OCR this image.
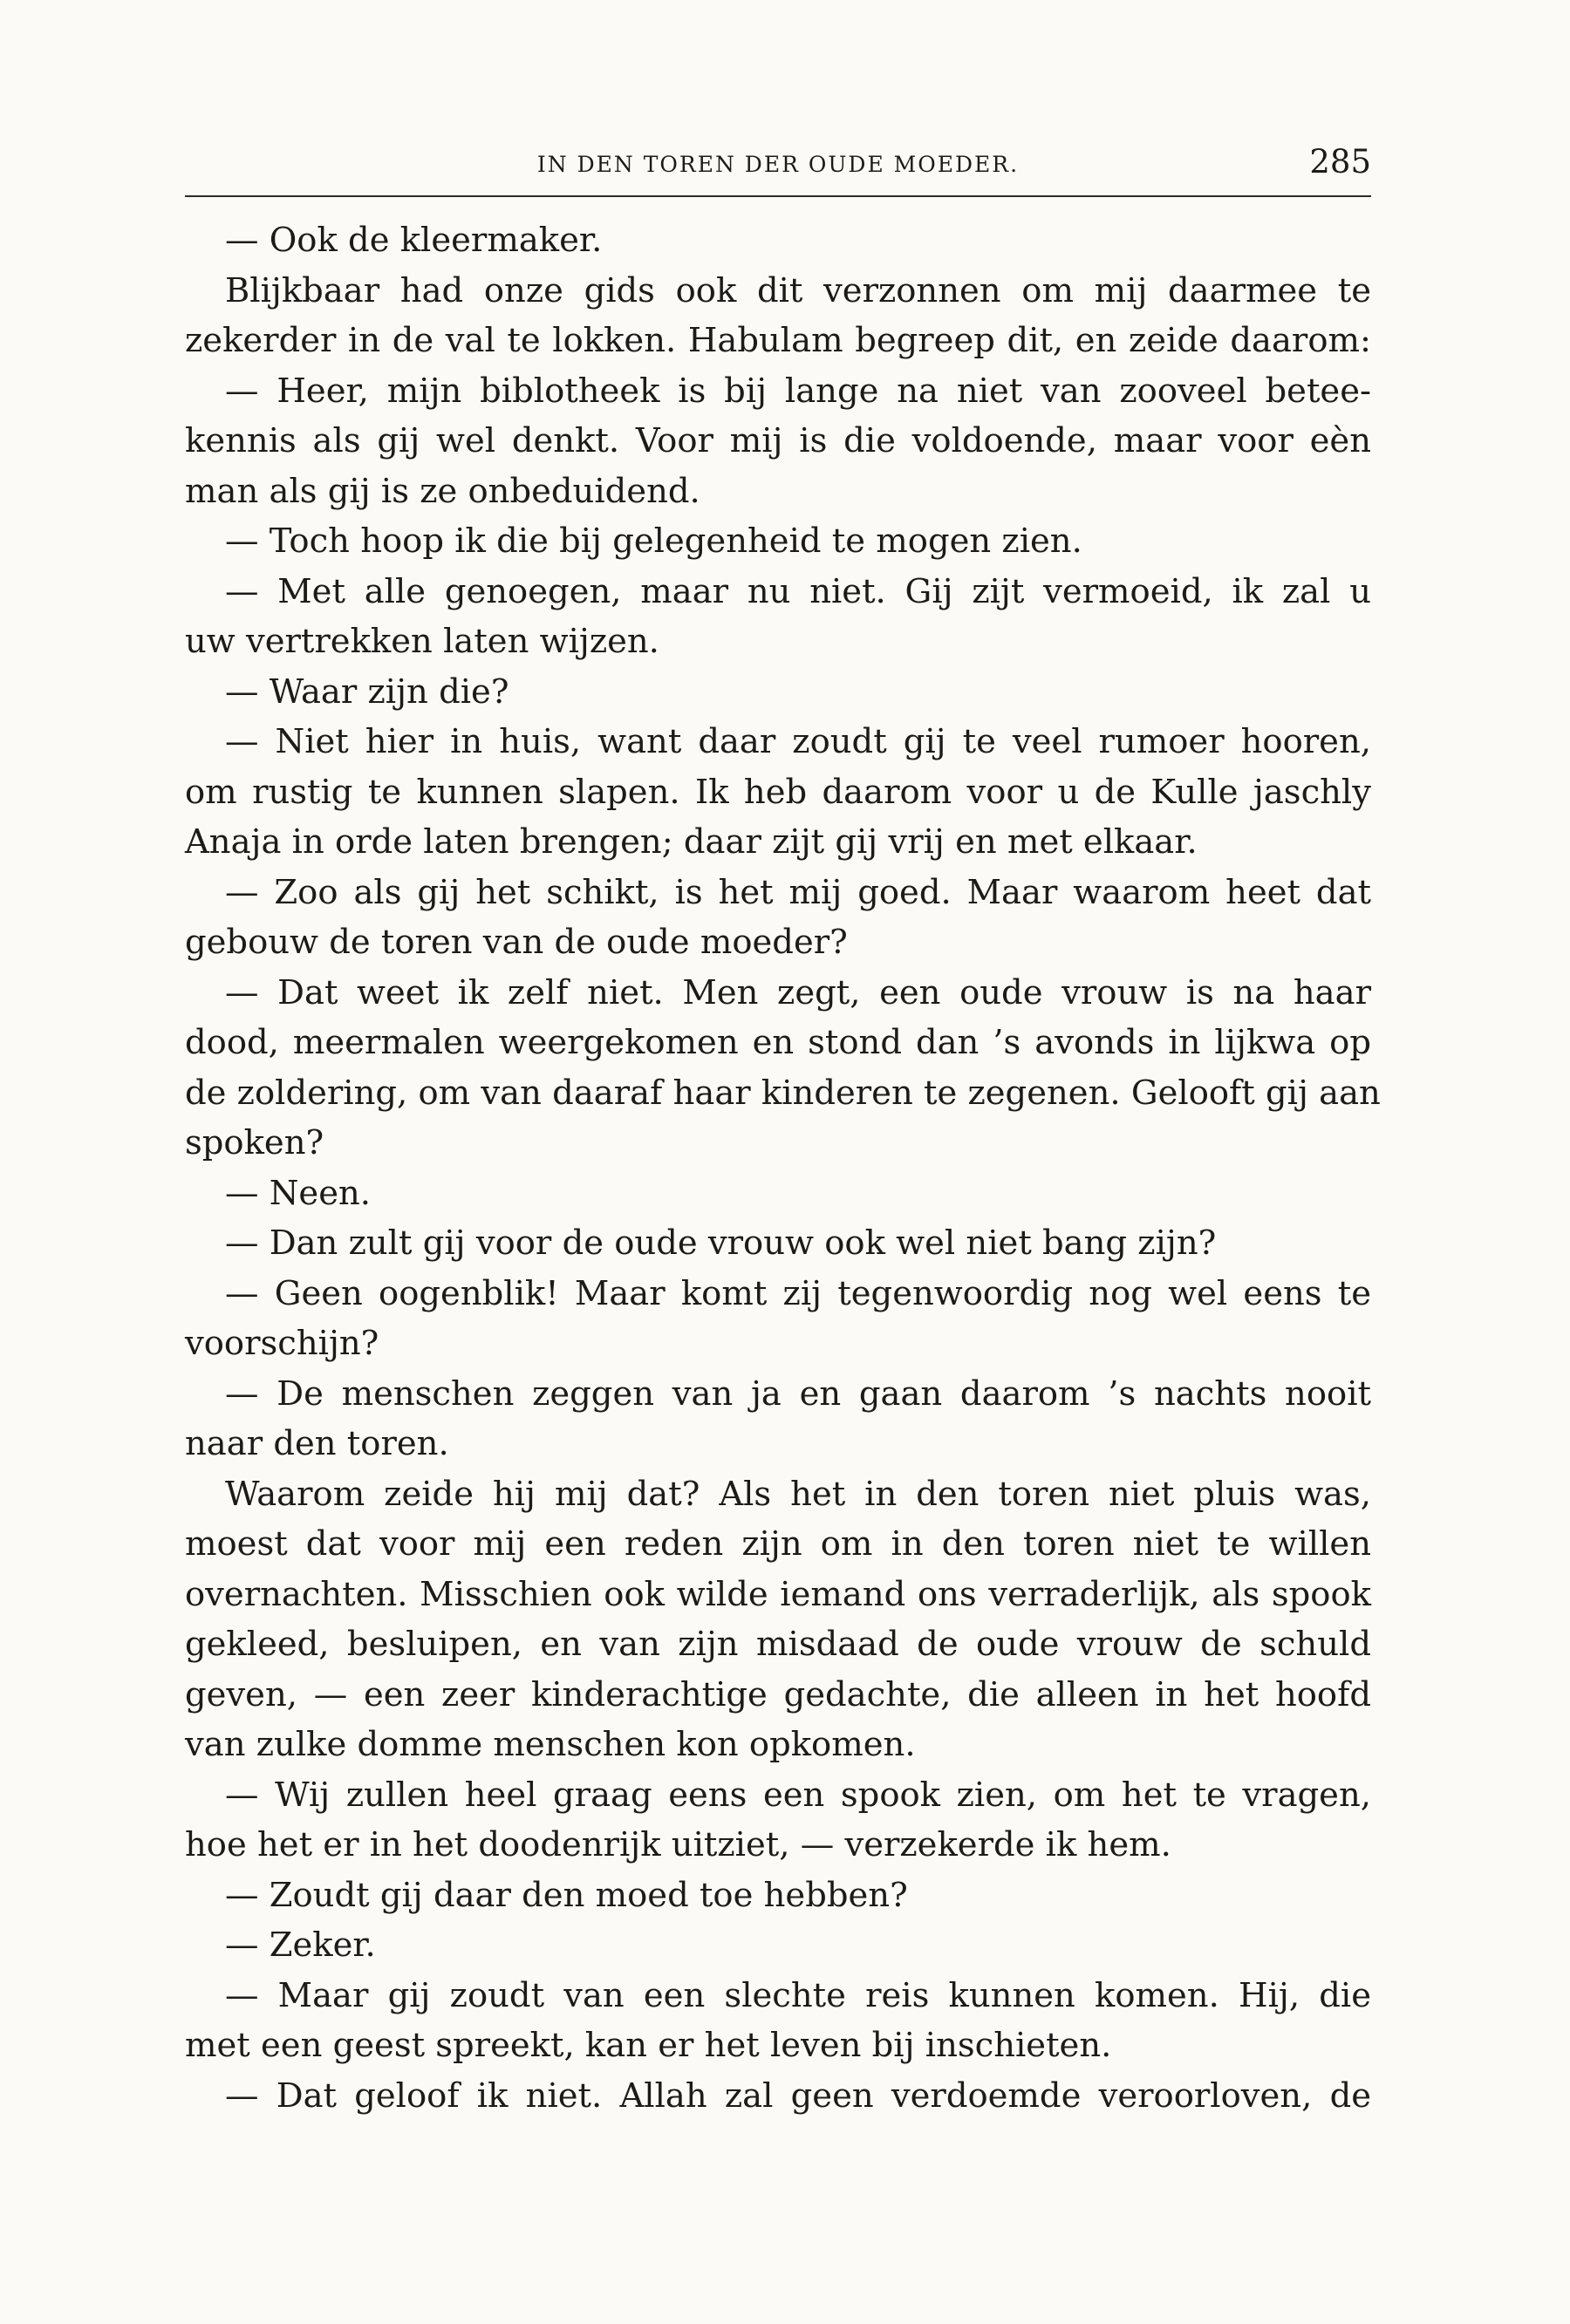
IN DEN TOREN DER OUDE MOEDER.	285
— Ook de kleermaker.
Blijkbaar had onze gids ook dit verzonnen om mij daarmee te
zekerder in de val te lokken. Habulam begreep dit, en zeide daarom:
— Heer, mijn biblotheek is bij lange na niet van zooveel betee-
kennis als gij wel denkt. Voor mij is die voldoende, maar voor eèn
man als gij is ze onbeduidend.
— Toch hoop ik die bij gelegenheid te mogen zien.
— Met alle genoegen, maar nu niet. Gij zijt vermoeid, ik zal u
uw vertrekken laten wijzen.
— Waar zijn die?
— Niet hier in huis, want daar zoudt gij te veel rumoer hooren,
om rustig te kunnen slapen. Ik heb daarom voor u de Kulle jaschly
Anaja in orde laten brengen; daar zijt gij vrij en met elkaar.
— Zoo als gij het schikt, is het mij goed. Maar waarom heet dat
gebouw de toren van de oude moeder?
— Dat weet ik zelf niet. Men zegt, een oude vrouw is na haar
dood, meermalen weergekomen en stond dan ’s avonds in lijkwa op
de zoldering, om van daaraf haar kinderen te zegenen. Gelooft gij aan
spoken?
— Neen.
— Dan zult gij voor de oude vrouw ook wel niet bang zijn?
— Geen oogenblik! Maar komt zij tegenwoordig nog wel eens te
voorschijn?
— De menschen zeggen van ja en gaan daarom ’s nachts nooit
naar den toren.
Waarom zeide hij mij dat? Als het in den toren niet pluis was,
moest dat voor mij een reden zijn om in den toren niet te willen
overnachten. Misschien ook wilde iemand ons verraderlijk, als spook
gekleed, besluipen, en van zijn misdaad de oude vrouw de schuld
geven, — een zeer kinderachtige gedachte, die alleen in het hoofd
van zulke domme menschen kon opkomen.
— Wij zullen heel graag eens een spook zien, om het te vragen,
hoe het er in het doodenrijk uitziet, — verzekerde ik hem.
— Zoudt gij daar den moed toe hebben?
— Zeker.
— Maar gij zoudt van een slechte reis kunnen komen. Hij, die
met een geest spreekt, kan er het leven bij inschieten.
— Dat geloof ik niet. Allah zal geen verdoemde veroorloven, de
